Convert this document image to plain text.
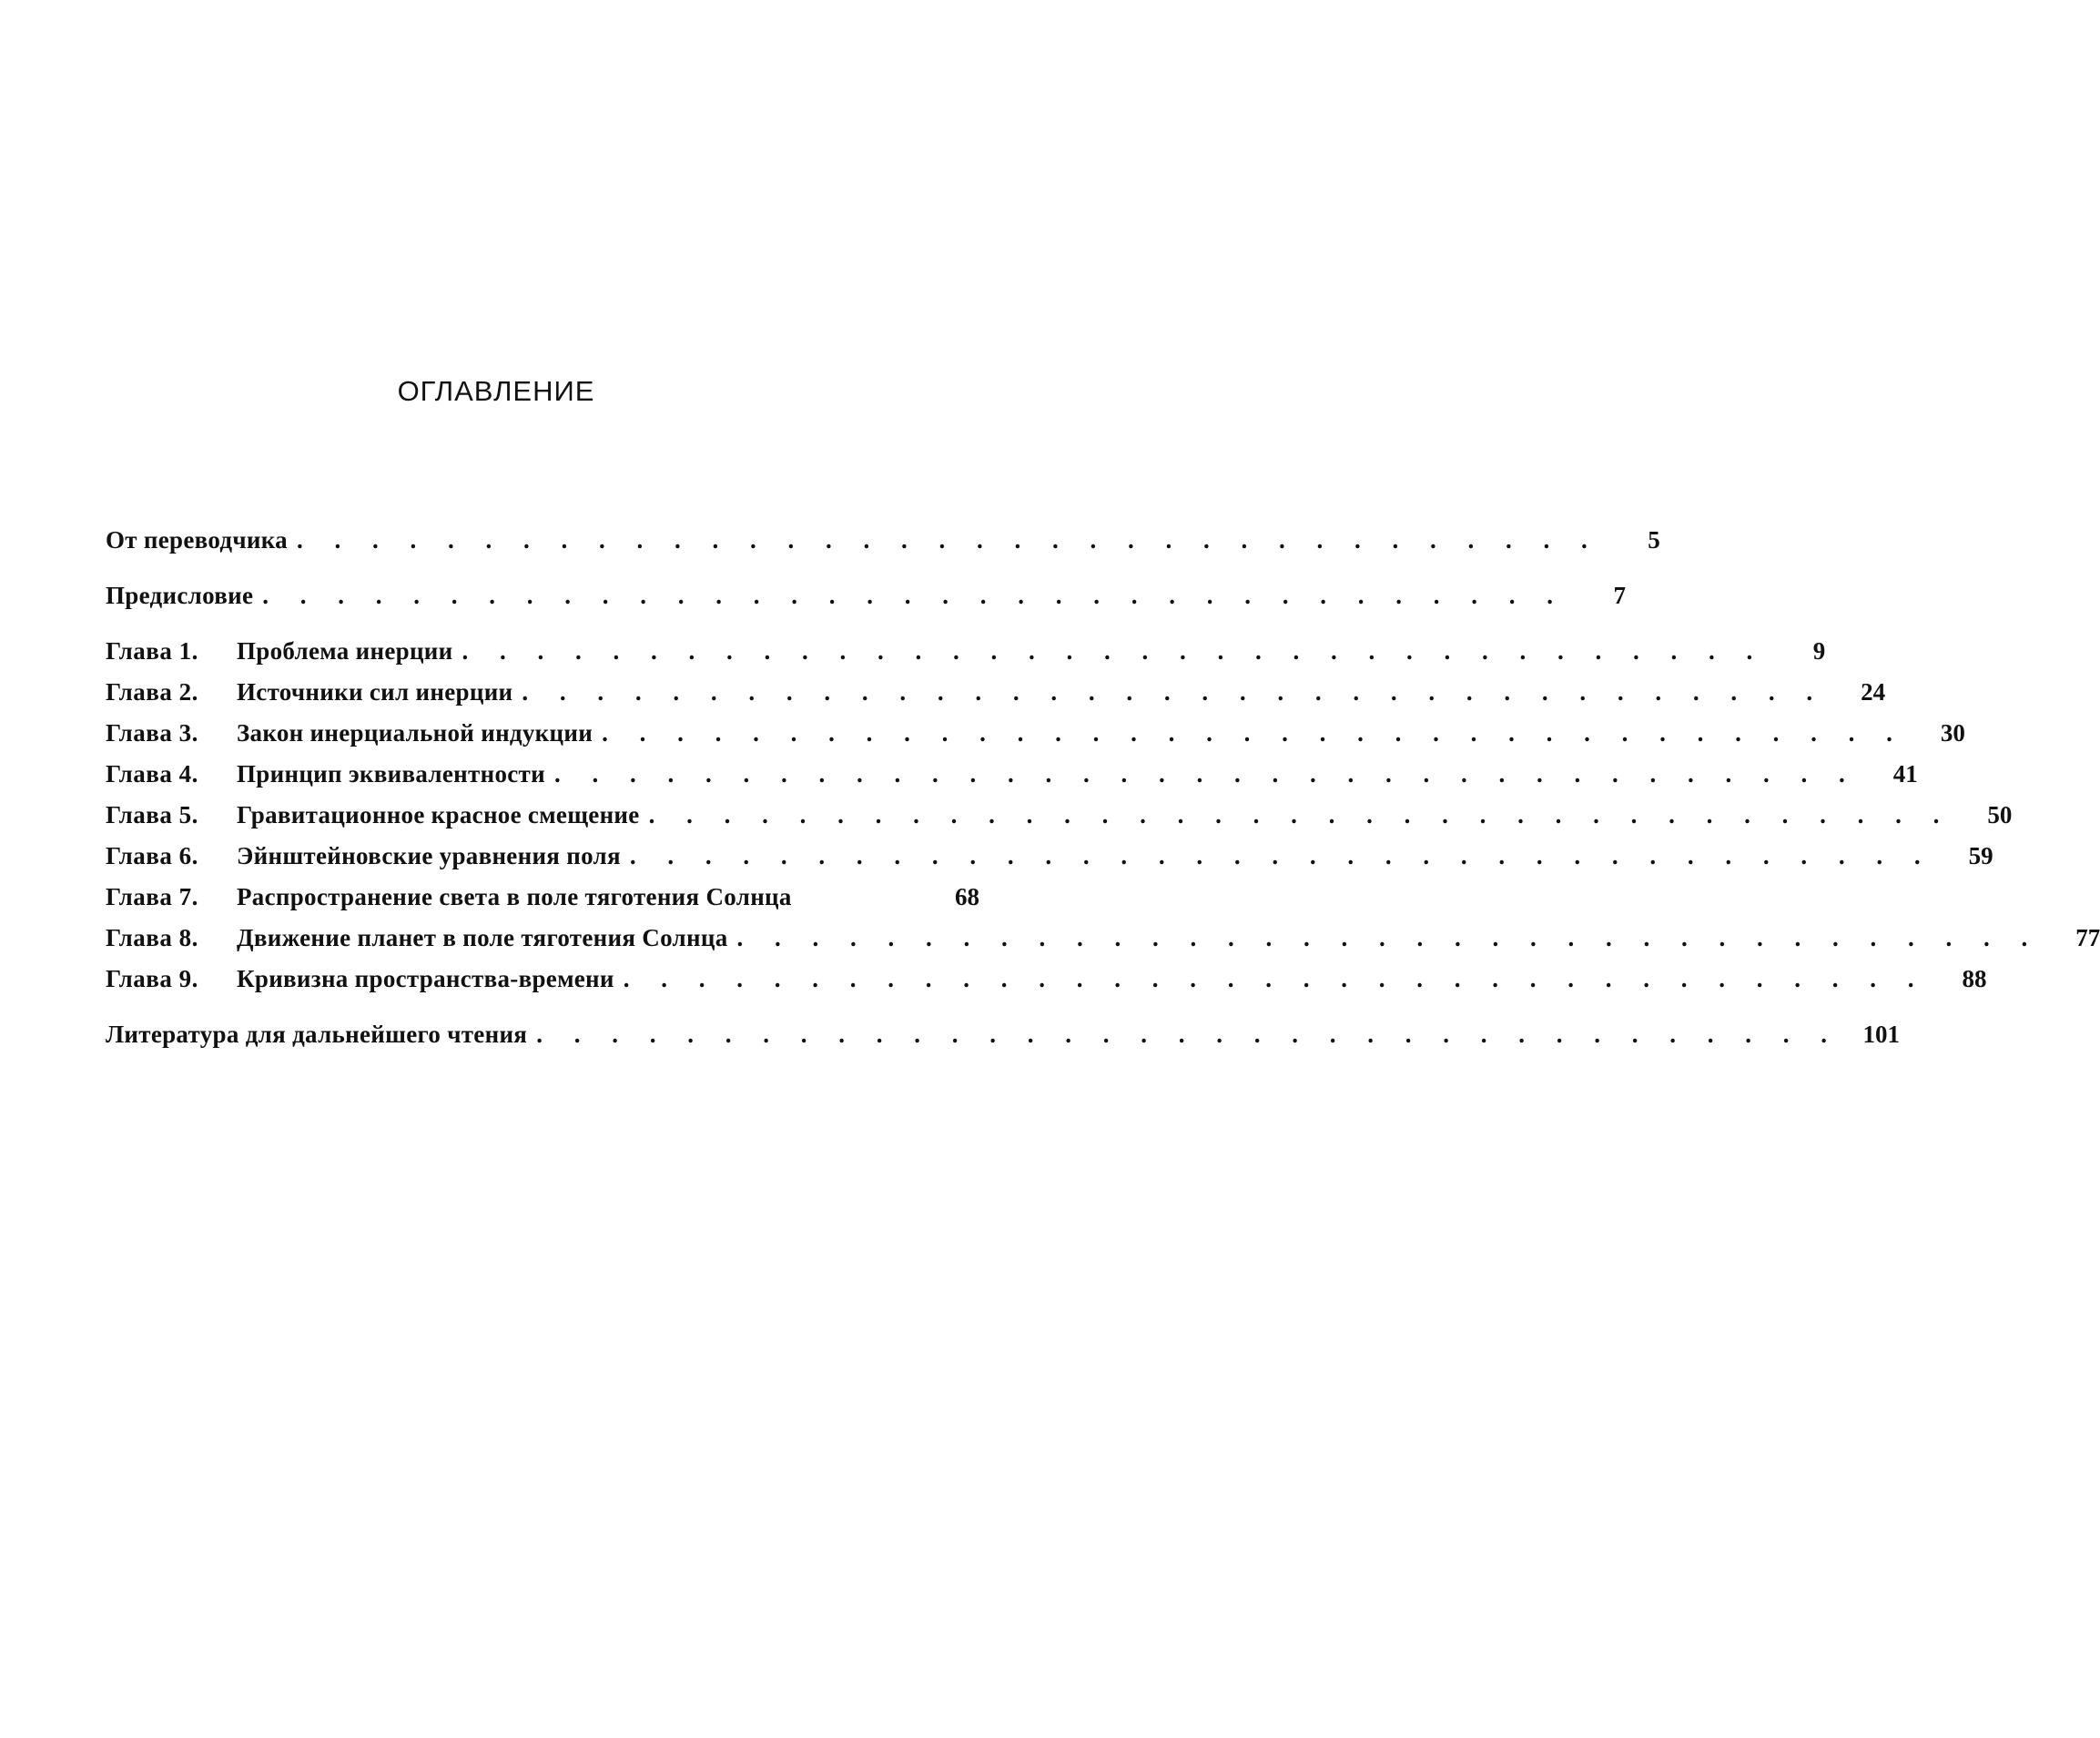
ОГЛАВЛЕНИЕ
От переводчика . . . . . . . . . . . . . . . . . . . . . . . . . . . . . . . . . . .	5
Предисловие . . . . . . . . . . . . . . . . . . . . . . . . . . . . . . . . . . .	7
Глава 1.	Проблема инерции . . . . . . . . . . . . . . . . . . . . . . . . . . . . . . . . . . .	9
Глава 2.	Источники сил инерции . . . . . . . . . . . . . . . . . . . . . . . . . . . . . . . . . . .	24
Глава 3.	Закон инерциальной индукции . . . . . . . . . . . . . . . . . . . . . . . . . . . . . . . . . . .	30
Глава 4.	Принцип эквивалентности . . . . . . . . . . . . . . . . . . . . . . . . . . . . . . . . . . .	41
Глава 5.	Гравитационное красное смещение . . . . . . . . . . . . . . . . . . . . . . . . . . . . . . . . . . .	50
Глава 6.	Эйнштейновские уравнения поля . . . . . . . . . . . . . . . . . . . . . . . . . . . . . . . . . . .	59
Глава 7.	Распространение света в поле тяготения Солнца	68
Глава 8.	Движение планет в поле тяготения Солнца . . . . . . . . . . . . . . . . . . . . . . . . . . . . . . . . . . .	77
Глава 9.	Кривизна пространства-времени . . . . . . . . . . . . . . . . . . . . . . . . . . . . . . . . . . .	88
Литература для дальнейшего чтения . . . . . . . . . . . . . . . . . . . . . . . . . . . . . . . . . . . 101
